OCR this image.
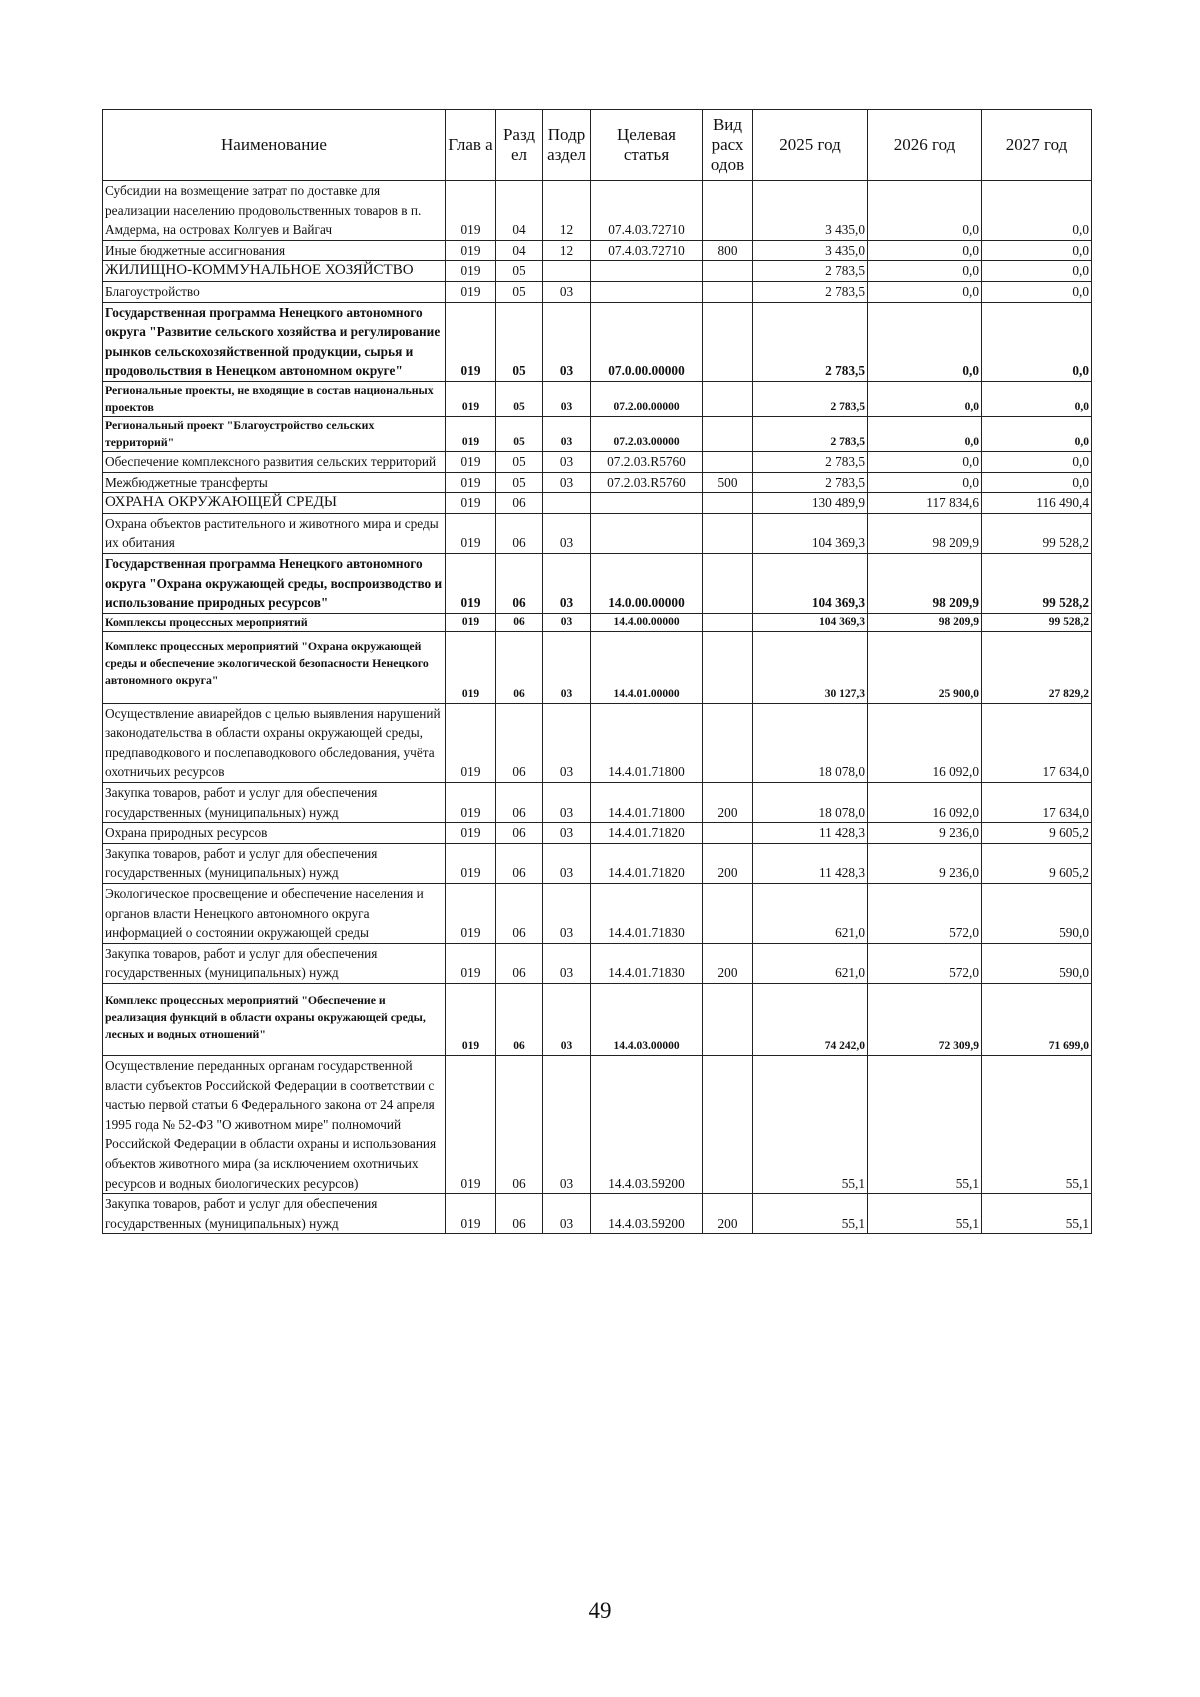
Наименование	Глав а	Разд ел	Подр аздел	Целевая статья	Вид расх одов	2025 год	2026 год	2027 год
Субсидии на возмещение затрат по доставке для реализации населению продовольственных товаров в п. Амдерма, на островах Колгуев и Вайгач	019	04	12	07.4.03.72710		3 435,0	0,0	0,0
Иные бюджетные ассигнования	019	04	12	07.4.03.72710	800	3 435,0	0,0	0,0
ЖИЛИЩНО-КОММУНАЛЬНОЕ ХОЗЯЙСТВО	019	05				2 783,5	0,0	0,0
Благоустройство	019	05	03			2 783,5	0,0	0,0
Государственная программа Ненецкого автономного округа "Развитие сельского хозяйства и регулирование рынков сельскохозяйственной продукции, сырья и продовольствия в Ненецком автономном округе"	019	05	03	07.0.00.00000		2 783,5	0,0	0,0
Региональные проекты, не входящие в состав национальных проектов	019	05	03	07.2.00.00000		2 783,5	0,0	0,0
Региональный проект "Благоустройство сельских территорий"	019	05	03	07.2.03.00000		2 783,5	0,0	0,0
Обеспечение комплексного развития сельских территорий	019	05	03	07.2.03.R5760		2 783,5	0,0	0,0
Межбюджетные трансферты	019	05	03	07.2.03.R5760	500	2 783,5	0,0	0,0
ОХРАНА ОКРУЖАЮЩЕЙ СРЕДЫ	019	06				130 489,9	117 834,6	116 490,4
Охрана объектов растительного и животного мира и среды их обитания	019	06	03			104 369,3	98 209,9	99 528,2
Государственная программа Ненецкого автономного округа "Охрана окружающей среды, воспроизводство и использование природных ресурсов"	019	06	03	14.0.00.00000		104 369,3	98 209,9	99 528,2
Комплексы процессных мероприятий	019	06	03	14.4.00.00000		104 369,3	98 209,9	99 528,2
Комплекс процессных мероприятий "Охрана окружающей среды и обеспечение экологической безопасности Ненецкого автономного округа"	019	06	03	14.4.01.00000		30 127,3	25 900,0	27 829,2
Осуществление авиарейдов с целью выявления нарушений законодательства в области охраны окружающей среды, предпаводкового и послепаводкового обследования, учёта охотничьих ресурсов	019	06	03	14.4.01.71800		18 078,0	16 092,0	17 634,0
Закупка товаров, работ и услуг для обеспечения государственных (муниципальных) нужд	019	06	03	14.4.01.71800	200	18 078,0	16 092,0	17 634,0
Охрана природных ресурсов	019	06	03	14.4.01.71820		11 428,3	9 236,0	9 605,2
Закупка товаров, работ и услуг для обеспечения государственных (муниципальных) нужд	019	06	03	14.4.01.71820	200	11 428,3	9 236,0	9 605,2
Экологическое просвещение и обеспечение населения и органов власти Ненецкого автономного округа информацией о состоянии окружающей среды	019	06	03	14.4.01.71830		621,0	572,0	590,0
Закупка товаров, работ и услуг для обеспечения государственных (муниципальных) нужд	019	06	03	14.4.01.71830	200	621,0	572,0	590,0
Комплекс процессных мероприятий "Обеспечение и реализация функций в области охраны окружающей среды, лесных и водных отношений"	019	06	03	14.4.03.00000		74 242,0	72 309,9	71 699,0
Осуществление переданных органам государственной власти субъектов Российской Федерации в соответствии с частью первой статьи 6 Федерального закона от 24 апреля 1995 года № 52-ФЗ "О животном мире" полномочий Российской Федерации в области охраны и использования объектов животного мира (за исключением охотничьих ресурсов и водных биологических ресурсов)	019	06	03	14.4.03.59200		55,1	55,1	55,1
Закупка товаров, работ и услуг для обеспечения государственных (муниципальных) нужд	019	06	03	14.4.03.59200	200	55,1	55,1	55,1
49
